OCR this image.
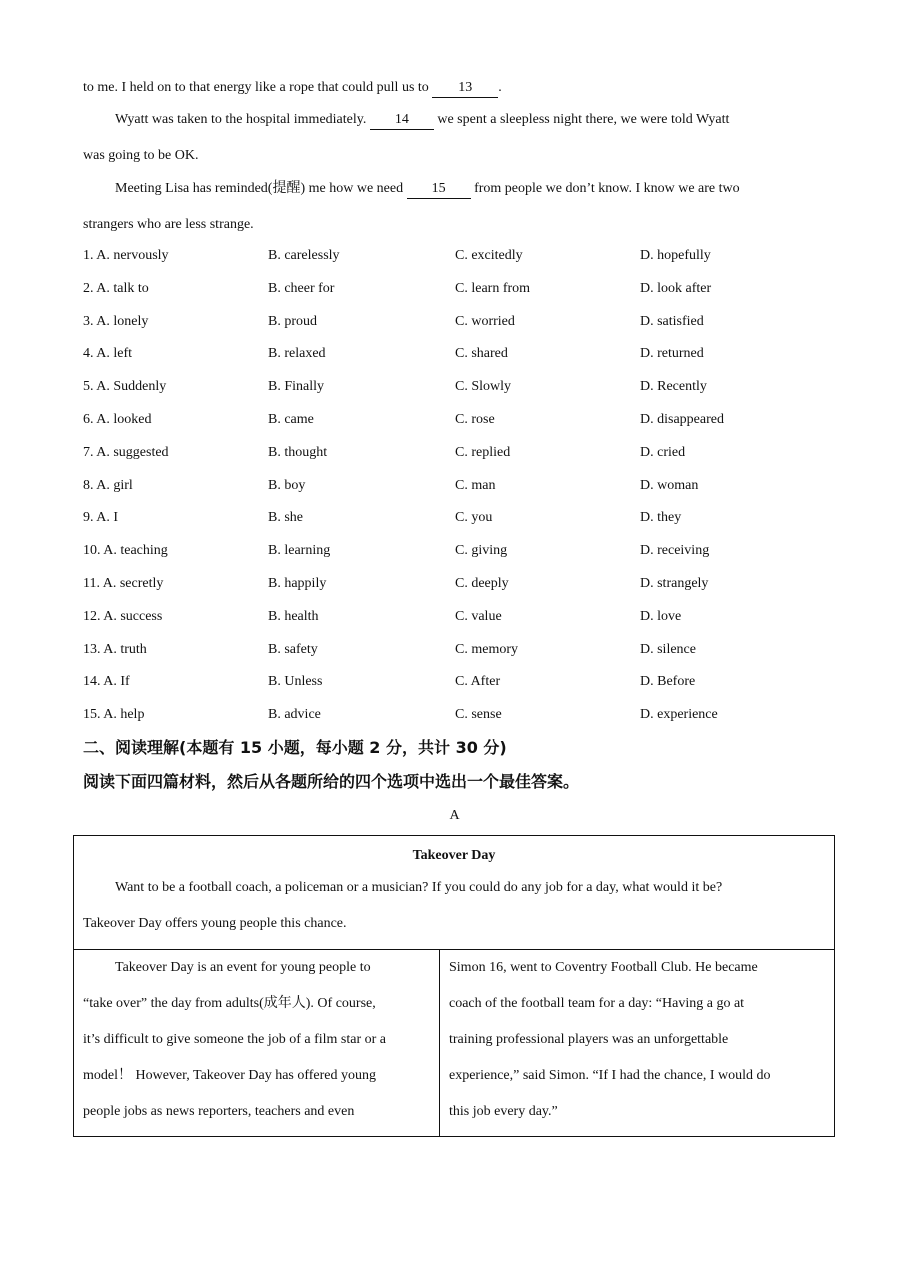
to me. I held on to that energy like a rope that could pull us to 13 .
Wyatt was taken to the hospital immediately. 14 we spent a sleepless night there, we were told Wyatt
was going to be OK.
Meeting Lisa has reminded(提醒) me how we need 15 from people we don’t know. I know we are two
strangers who are less strange.
1. A. nervously	B. carelessly	C. excitedly	D. hopefully
2. A. talk to	B. cheer for	C. learn from	D. look after
3. A. lonely	B. proud	C. worried	D. satisfied
4. A. left	B. relaxed	C. shared	D. returned
5. A. Suddenly	B. Finally	C. Slowly	D. Recently
6. A. looked	B. came	C. rose	D. disappeared
7. A. suggested	B. thought	C. replied	D. cried
8. A. girl	B. boy	C. man	D. woman
9. A. I	B. she	C. you	D. they
10. A. teaching	B. learning	C. giving	D. receiving
11. A. secretly	B. happily	C. deeply	D. strangely
12. A. success	B. health	C. value	D. love
13. A. truth	B. safety	C. memory	D. silence
14. A. If	B. Unless	C. After	D. Before
15. A. help	B. advice	C. sense	D. experience
二、阅读理解(本题有 15 小题，每小题 2 分，共计 30 分)
阅读下面四篇材料，然后从各题所给的四个选项中选出一个最佳答案。
A
Takeover Day
Want to be a football coach, a policeman or a musician? If you could do any job for a day, what would it be?
Takeover Day offers young people this chance.
Takeover Day is an event for young people to
“take over” the day from adults(成年人). Of course,
it’s difficult to give someone the job of a film star or a
model！ However, Takeover Day has offered young
people jobs as news reporters, teachers and even
Simon 16, went to Coventry Football Club. He became
coach of the football team for a day: “Having a go at
training professional players was an unforgettable
experience,” said Simon. “If I had the chance, I would do
this job every day.”
